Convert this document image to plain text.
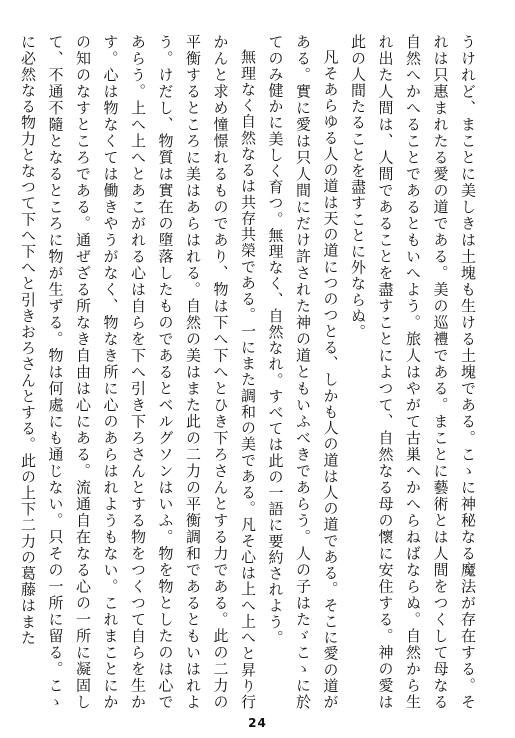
うけれど、まことに美しきは土塊も生ける土塊である。こゝに神秘なる魔法が存在する。それは只惠まれたる愛の道である。美の巡禮である。まことに藝術とは人間をつくして母なる自然へかへることであるともいへよう。旅人はやがて古巣へかへらねばならぬ。自然から生れ出た人間は、人間であることを盡すことによつて、自然なる母の懷に安住する。神の愛は此の人間たることを盡すことに外ならぬ。

凡そあらゆる人の道は天の道につのつとる、しかも人の道は人の道である。そこに愛の道がある。實に愛は只人間にだけ許された神の道ともいふべきであらう。人の子はたゞこゝに於てのみ健かに美しく育つ。無理なく、自然なれ。すべては此の一語に要約されよう。

無理なく自然なるは共存共榮である。一にまた調和の美である。凡そ心は上へ上へと昇り行かんと求め憧憬れるものであり、物は下へ下へとひき下ろさんとする力である。此の二力の平衡するところに美はあらはれる。自然の美はまた此の二力の平衡調和であるともいはれよう。けだし、物質は實在の墮落したものであるとベルグソンはいふ。物を物としたのは心であらう。上へ上へとあこがれる心は自らを下へ引き下ろさんとする物をつくつて自らを生かす。心は物なくては働きやうがなく、物なき所に心のあらはれようもない。これまことにかの知のなすところである。通ぜざる所なき自由は心にある。流通自在なる心の一所に凝固して、不通不隨となるところに物が生ずる。物は何處にも通じない。只その一所に留る。こゝに必然なる物力となつて下へ下へと引きおろさんとする。此の上下二力の葛藤はまた

24
